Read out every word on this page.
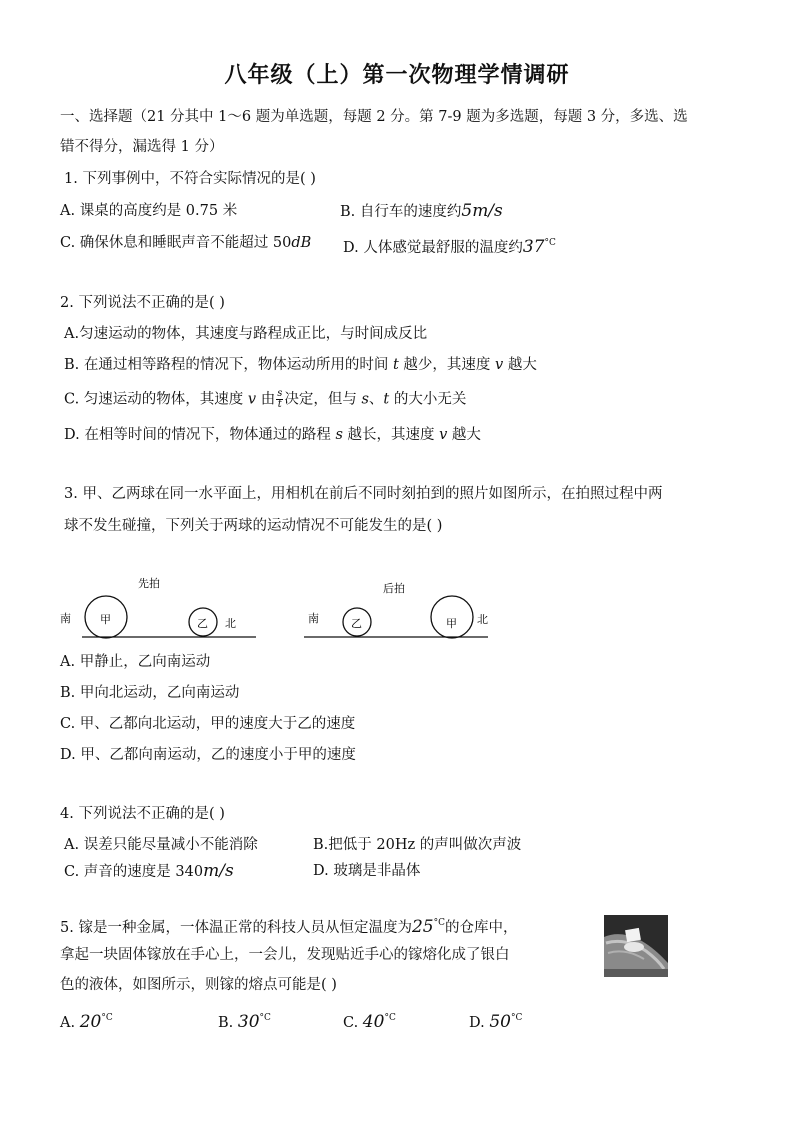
八年级（上）第一次物理学情调研
一、选择题（21 分其中 1～6 题为单选题，每题 2 分。第 7-9 题为多选题，每题 3 分，多选、选
错不得分，漏选得 1 分）
1. 下列事例中，不符合实际情况的是( )
A. 课桌的高度约是 0.75 米	B. 自行车的速度约5m/s
C. 确保休息和睡眠声音不能超过 50dB D. 人体感觉最舒服的温度约$37^{^\circ C}$
2. 下列说法不正确的是( )
A.匀速运动的物体，其速度与路程成正比，与时间成反比
B. 在通过相等路程的情况下，物体运动所用的时间 t 越少，其速度 v 越大
C. 匀速运动的物体，其速度 v 由 $\frac{s}{t}$ 决定，但与 s、t 的大小无关
D. 在相等时间的情况下，物体通过的路程 s 越长，其速度 v 越大
3. 甲、乙两球在同一水平面上，用相机在前后不同时刻拍到的照片如图所示，在拍照过程中两
球不发生碰撞，下列关于两球的运动情况不可能发生的是( )
先拍
南	甲	乙 北
后拍
南	乙	甲 北
A. 甲静止，乙向南运动
B. 甲向北运动，乙向南运动
C. 甲、乙都向北运动，甲的速度大于乙的速度
D. 甲、乙都向南运动，乙的速度小于甲的速度
4. 下列说法不正确的是( )
A. 误差只能尽量减小不能消除	B.把低于 20Hz 的声叫做次声波
C. 声音的速度是 340m/s	D. 玻璃是非晶体
5. 镓是一种金属，一体温正常的科技人员从恒定温度为$25^{^\circ C}$的仓库中，
拿起一块固体镓放在手心上，一会儿，发现贴近手心的镓熔化成了银白
色的液体，如图所示，则镓的熔点可能是( )
A. $20^{^\circ C}$	B. $30^{^\circ C}$	C. $40^{^\circ C}$	D. $50^{^\circ C}$
